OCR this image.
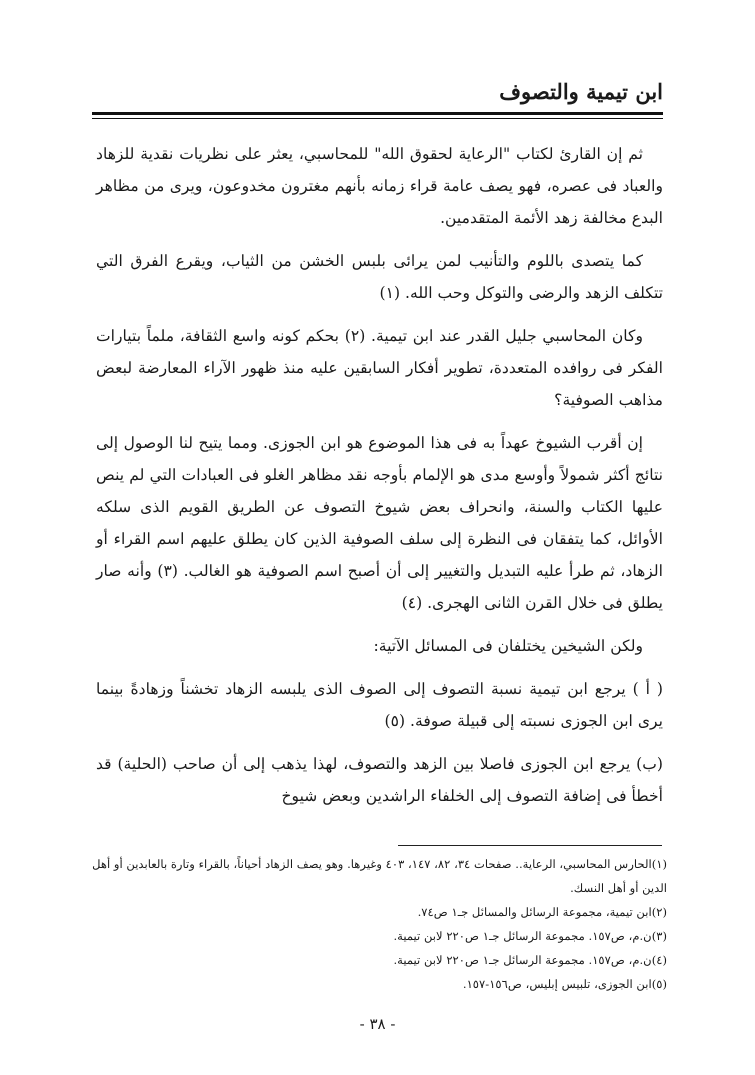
ابن تيمية والتصوف

ثم إن القارئ لكتاب "الرعاية لحقوق الله" للمحاسبي، يعثر على نظريات نقدية للزهاد والعباد فى عصره، فهو يصف عامة قراء زمانه بأنهم مغترون مخدوعون، ويرى من مظاهر البدع مخالفة زهد الأئمة المتقدمين.

كما يتصدى باللوم والتأنيب لمن يرائى بلبس الخشن من الثياب، ويقرع الفرق التي تتكلف الزهد والرضى والتوكل وحب الله. (١)

وكان المحاسبي جليل القدر عند ابن تيمية. (٢) بحكم كونه واسع الثقافة، ملماً بتيارات الفكر فى روافده المتعددة، تطوير أفكار السابقين عليه منذ ظهور الآراء المعارضة لبعض مذاهب الصوفية؟

إن أقرب الشيوخ عهداً به فى هذا الموضوع هو ابن الجوزى. ومما يتيح لنا الوصول إلى نتائج أكثر شمولاً وأوسع مدى هو الإلمام بأوجه نقد مظاهر الغلو فى العبادات التي لم ينص عليها الكتاب والسنة، وانحراف بعض شيوخ التصوف عن الطريق القويم الذى سلكه الأوائل، كما يتفقان فى النظرة إلى سلف الصوفية الذين كان يطلق عليهم اسم القراء أو الزهاد، ثم طرأ عليه التبديل والتغيير إلى أن أصبح اسم الصوفية هو الغالب. (٣) وأنه صار يطلق فى خلال القرن الثانى الهجرى. (٤)

ولكن الشيخين يختلفان فى المسائل الآتية:

( أ ) يرجع ابن تيمية نسبة التصوف إلى الصوف الذى يلبسه الزهاد تخشناً وزهادةً بينما يرى ابن الجوزى نسبته إلى قبيلة صوفة. (٥)

(ب) يرجع ابن الجوزى فاصلا بين الزهد والتصوف، لهذا يذهب إلى أن صاحب (الحلية) قد أخطأ فى إضافة التصوف إلى الخلفاء الراشدين وبعض شيوخ

(١)الحارس المحاسبي، الرعاية.. صفحات ٣٤، ٨٢، ١٤٧، ٤٠٣ وغيرها. وهو يصف الزهاد أحياناً، بالقراء وتارة بالعابدين أو أهل الدين أو أهل النسك.

(٢)ابن تيمية، مجموعة الرسائل والمسائل جـ١ ص٧٤.

(٣)ن.م، ص١٥٧. مجموعة الرسائل جـ١ ص٢٢٠ لابن تيمية.

(٤)ن.م، ص١٥٧. مجموعة الرسائل جـ١ ص٢٢٠ لابن تيمية.

(٥)ابن الجوزى، تلبيس إبليس، ص١٥٦-١٥٧.

- ٣٨ -
